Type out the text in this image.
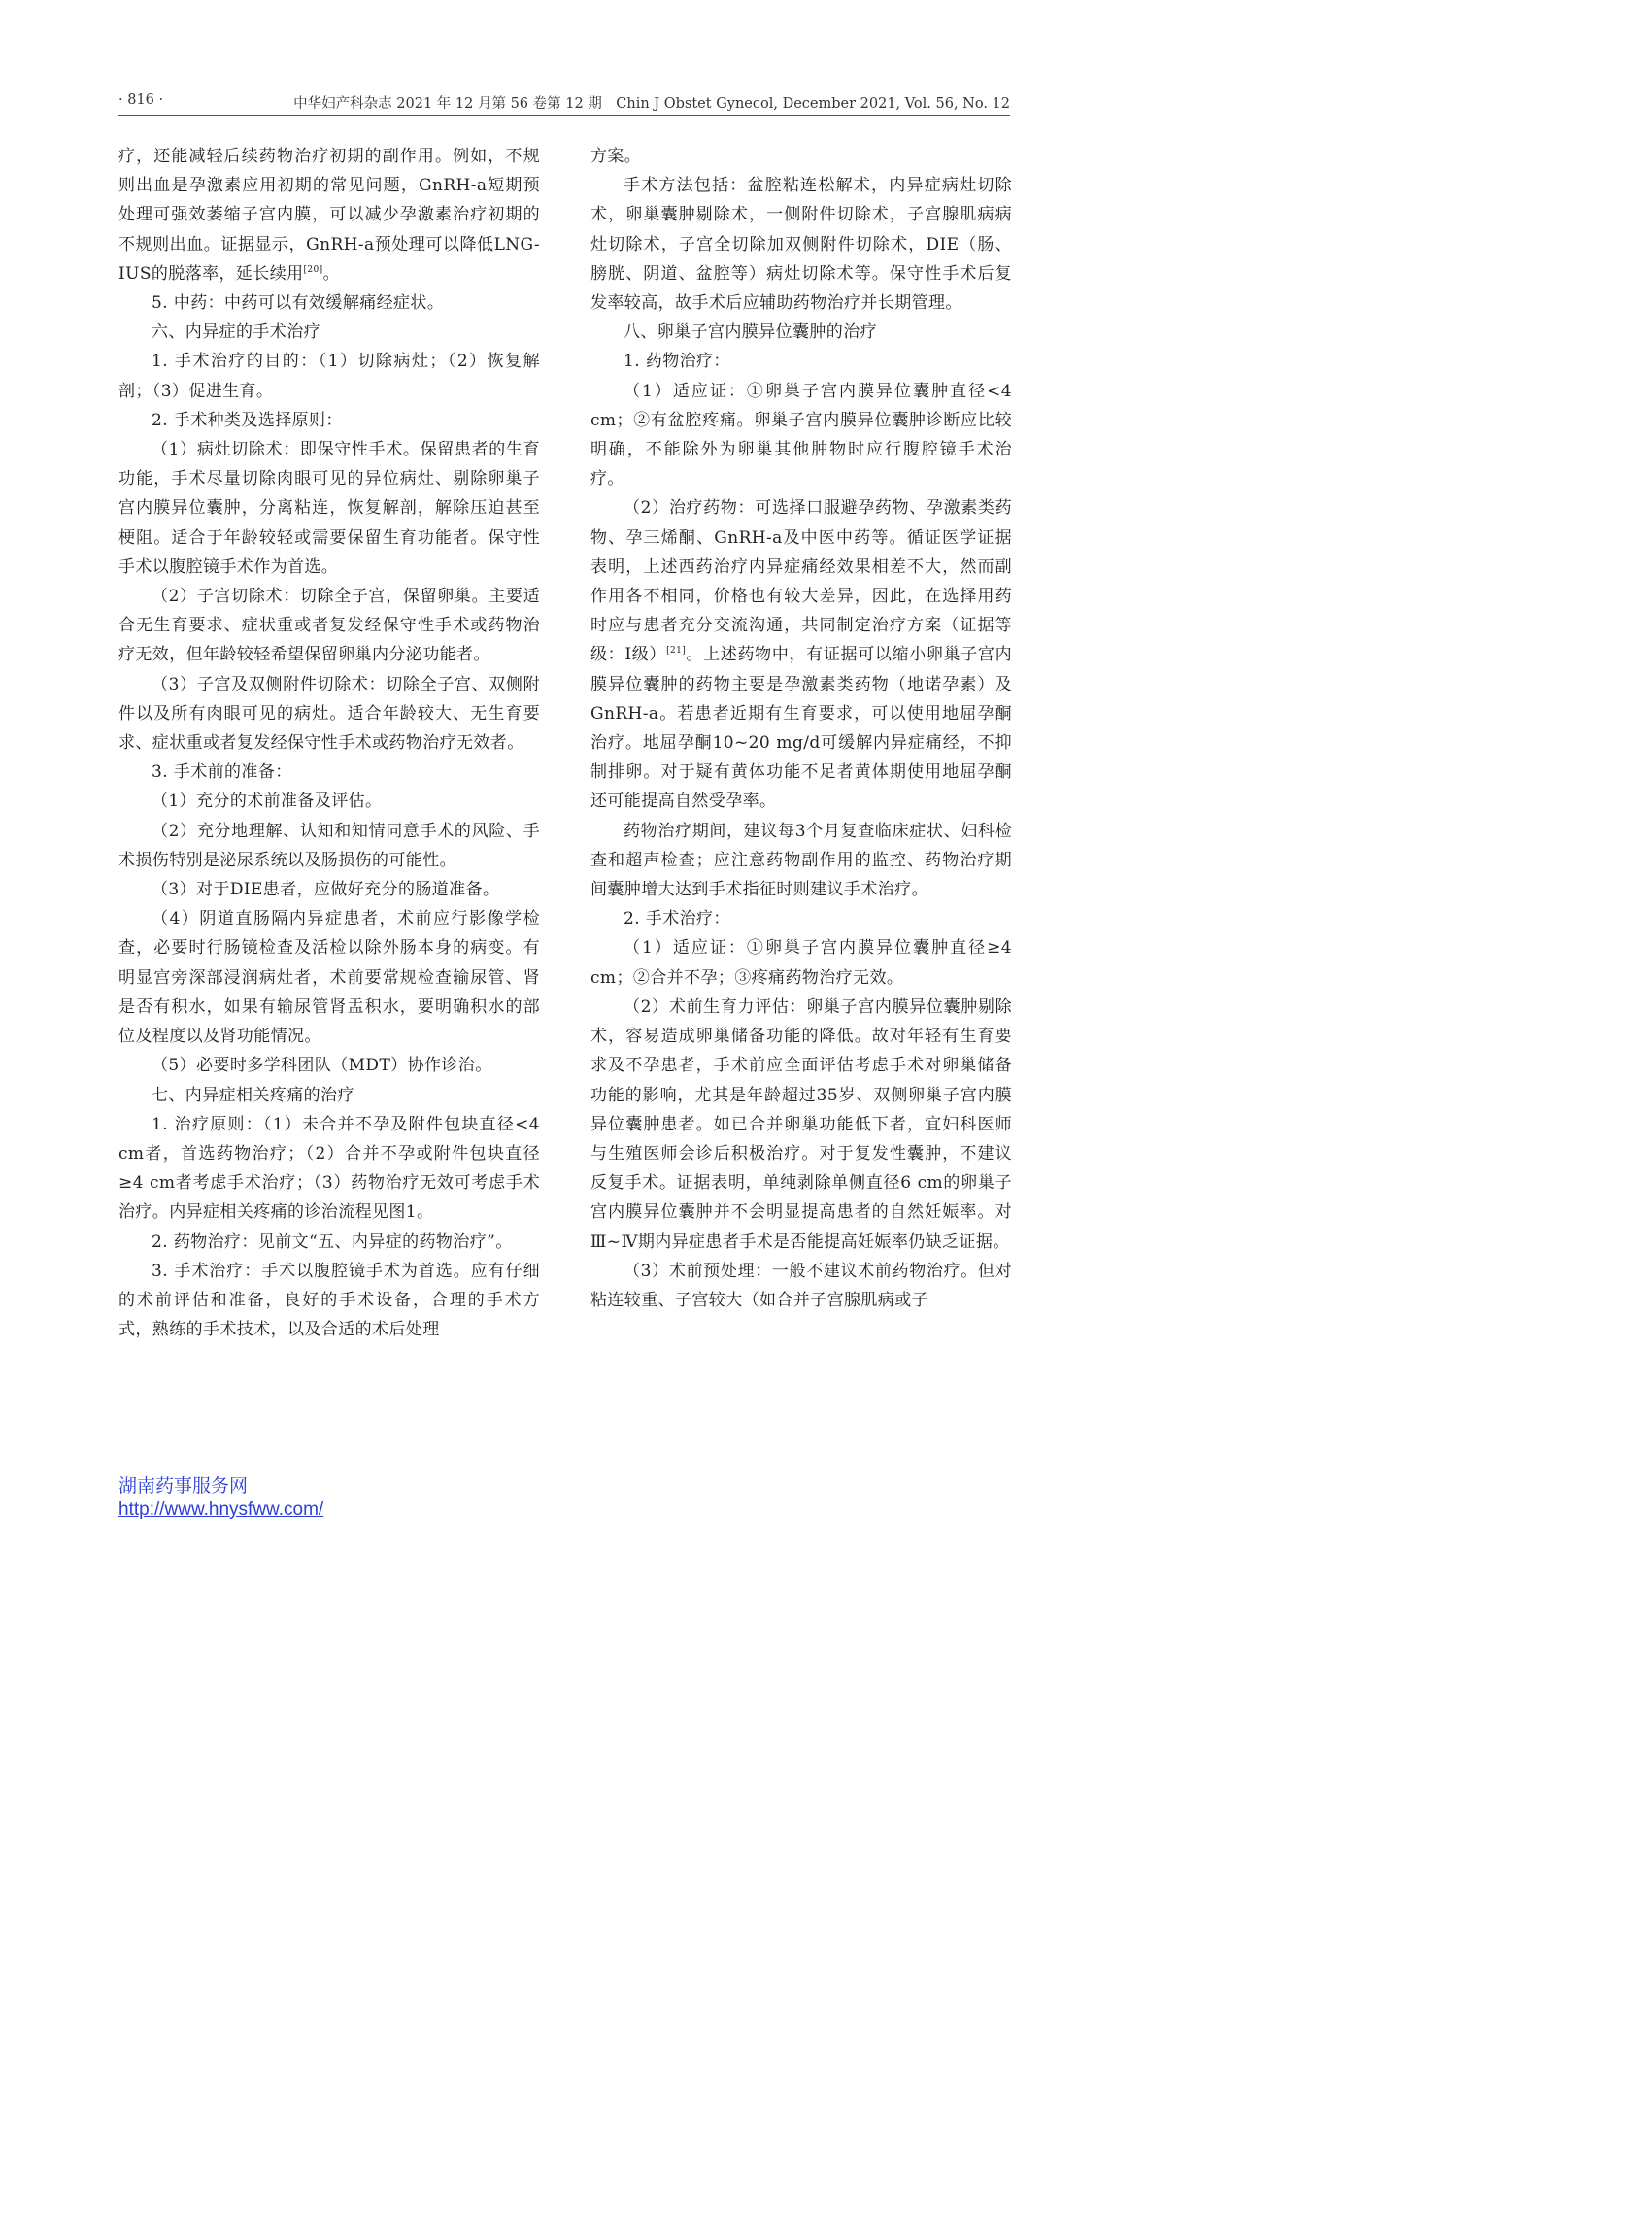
· 816 ·	中华妇产科杂志 2021 年 12 月第 56 卷第 12 期　Chin J Obstet Gynecol, December 2021, Vol. 56, No. 12

疗，还能减轻后续药物治疗初期的副作用。例如，不规则出血是孕激素应用初期的常见问题，GnRH-a短期预处理可强效萎缩子宫内膜，可以减少孕激素治疗初期的不规则出血。证据显示，GnRH-a预处理可以降低LNG-IUS的脱落率，延长续用[20]。

5. 中药：中药可以有效缓解痛经症状。

六、内异症的手术治疗

1. 手术治疗的目的：（1）切除病灶；（2）恢复解剖；（3）促进生育。

2. 手术种类及选择原则：

（1）病灶切除术：即保守性手术。保留患者的生育功能，手术尽量切除肉眼可见的异位病灶、剔除卵巢子宫内膜异位囊肿，分离粘连，恢复解剖，解除压迫甚至梗阻。适合于年龄较轻或需要保留生育功能者。保守性手术以腹腔镜手术作为首选。

（2）子宫切除术：切除全子宫，保留卵巢。主要适合无生育要求、症状重或者复发经保守性手术或药物治疗无效，但年龄较轻希望保留卵巢内分泌功能者。

（3）子宫及双侧附件切除术：切除全子宫、双侧附件以及所有肉眼可见的病灶。适合年龄较大、无生育要求、症状重或者复发经保守性手术或药物治疗无效者。

3. 手术前的准备：

（1）充分的术前准备及评估。

（2）充分地理解、认知和知情同意手术的风险、手术损伤特别是泌尿系统以及肠损伤的可能性。

（3）对于DIE患者，应做好充分的肠道准备。

（4）阴道直肠隔内异症患者，术前应行影像学检查，必要时行肠镜检查及活检以除外肠本身的病变。有明显宫旁深部浸润病灶者，术前要常规检查输尿管、肾是否有积水，如果有输尿管肾盂积水，要明确积水的部位及程度以及肾功能情况。

（5）必要时多学科团队（MDT）协作诊治。

七、内异症相关疼痛的治疗

1. 治疗原则：（1）未合并不孕及附件包块直径<4 cm者，首选药物治疗；（2）合并不孕或附件包块直径≥4 cm者考虑手术治疗；（3）药物治疗无效可考虑手术治疗。内异症相关疼痛的诊治流程见图1。

2. 药物治疗：见前文“五、内异症的药物治疗”。

3. 手术治疗：手术以腹腔镜手术为首选。应有仔细的术前评估和准备，良好的手术设备，合理的手术方式，熟练的手术技术，以及合适的术后处理

方案。

手术方法包括：盆腔粘连松解术，内异症病灶切除术，卵巢囊肿剔除术，一侧附件切除术，子宫腺肌病病灶切除术，子宫全切除加双侧附件切除术，DIE（肠、膀胱、阴道、盆腔等）病灶切除术等。保守性手术后复发率较高，故手术后应辅助药物治疗并长期管理。

八、卵巢子宫内膜异位囊肿的治疗

1. 药物治疗：

（1）适应证：①卵巢子宫内膜异位囊肿直径<4 cm；②有盆腔疼痛。卵巢子宫内膜异位囊肿诊断应比较明确，不能除外为卵巢其他肿物时应行腹腔镜手术治疗。

（2）治疗药物：可选择口服避孕药物、孕激素类药物、孕三烯酮、GnRH-a及中医中药等。循证医学证据表明，上述西药治疗内异症痛经效果相差不大，然而副作用各不相同，价格也有较大差异，因此，在选择用药时应与患者充分交流沟通，共同制定治疗方案（证据等级：Ⅰ级）[21]。上述药物中，有证据可以缩小卵巢子宫内膜异位囊肿的药物主要是孕激素类药物（地诺孕素）及GnRH-a。若患者近期有生育要求，可以使用地屈孕酮治疗。地屈孕酮10~20 mg/d可缓解内异症痛经，不抑制排卵。对于疑有黄体功能不足者黄体期使用地屈孕酮还可能提高自然受孕率。

药物治疗期间，建议每3个月复查临床症状、妇科检查和超声检查；应注意药物副作用的监控、药物治疗期间囊肿增大达到手术指征时则建议手术治疗。

2. 手术治疗：

（1）适应证：①卵巢子宫内膜异位囊肿直径≥4 cm；②合并不孕；③疼痛药物治疗无效。

（2）术前生育力评估：卵巢子宫内膜异位囊肿剔除术，容易造成卵巢储备功能的降低。故对年轻有生育要求及不孕患者，手术前应全面评估考虑手术对卵巢储备功能的影响，尤其是年龄超过35岁、双侧卵巢子宫内膜异位囊肿患者。如已合并卵巢功能低下者，宜妇科医师与生殖医师会诊后积极治疗。对于复发性囊肿，不建议反复手术。证据表明，单纯剥除单侧直径6 cm的卵巢子宫内膜异位囊肿并不会明显提高患者的自然妊娠率。对Ⅲ~Ⅳ期内异症患者手术是否能提高妊娠率仍缺乏证据。

（3）术前预处理：一般不建议术前药物治疗。但对粘连较重、子宫较大（如合并子宫腺肌病或子

湖南药事服务网
http://www.hnysfww.com/
